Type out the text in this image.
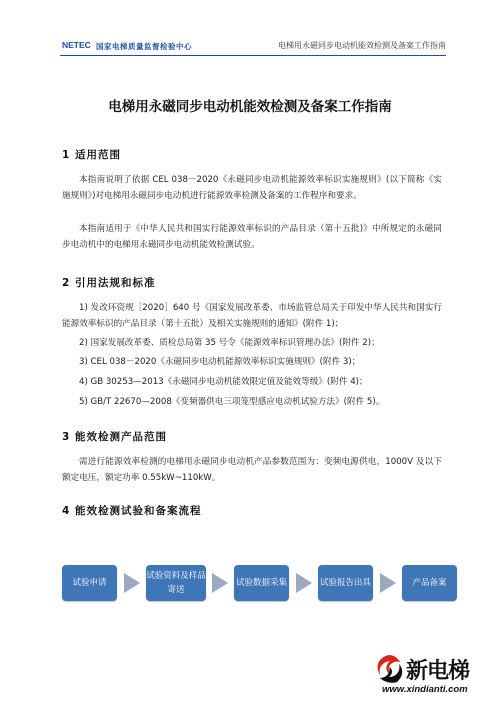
NETEC 国家电梯质量监督检验中心	电梯用永磁同步电动机能效检测及备案工作指南
电梯用永磁同步电动机能效检测及备案工作指南
1 适用范围
本指南说明了依据 CEL 038－2020《永磁同步电动机能源效率标识实施规则》(以下简称《实施规则》)对电梯用永磁同步电动机进行能源效率检测及备案的工作程序和要求。
本指南适用于《中华人民共和国实行能源效率标识的产品目录（第十五批)》中所规定的永磁同步电动机中的电梯用永磁同步电动机能效检测试验。
2 引用法规和标准
1) 发改环资规［2020］640 号《国家发展改革委、市场监管总局关于印发中华人民共和国实行能源效率标识的产品目录（第十五批）及相关实施规则的通知》(附件 1)；
2) 国家发展改革委、质检总局第 35 号令《能源效率标识管理办法》(附件 2)；
3) CEL 038－2020《永磁同步电动机能源效率标识实施规则》(附件 3)；
4) GB 30253—2013《永磁同步电动机能效限定值及能效等级》(附件 4)；
5) GB/T 22670—2008《变频器供电三项笼型感应电动机试验方法》(附件 5)。
3 能效检测产品范围
需进行能源效率检测的电梯用永磁同步电动机产品参数范围为：变频电源供电，1000V 及以下额定电压，额定功率 0.55kW~110kW。
4 能效检测试验和备案流程
试验申请
试验资料及样品寄送
试验数据采集	试验报告出具	产品备案
新电梯
www.xindianti.com
